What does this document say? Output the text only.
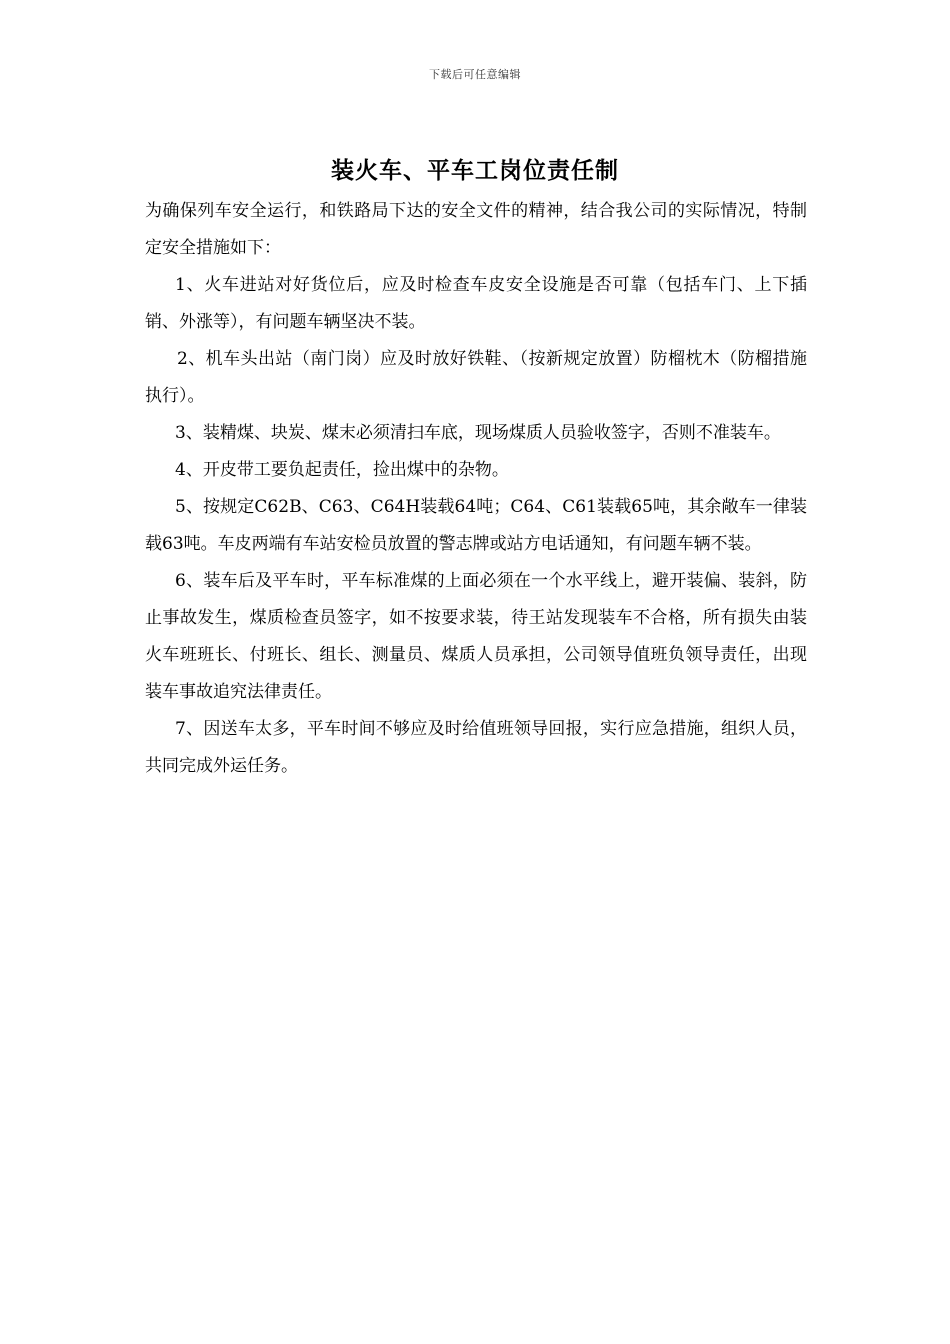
下载后可任意编辑
装火车、平车工岗位责任制

为确保列车安全运行，和铁路局下达的安全文件的精神，结合我公司的实际情况，特制定安全措施如下：

1、火车进站对好货位后，应及时检查车皮安全设施是否可靠（包括车门、上下插销、外涨等），有问题车辆坚决不装。

2、机车头出站（南门岗）应及时放好铁鞋、（按新规定放置）防榴枕木（防榴措施执行）。

3、装精煤、块炭、煤末必须清扫车底，现场煤质人员验收签字，否则不准装车。

4、开皮带工要负起责任，捡出煤中的杂物。

5、按规定C62B、C63、C64H装载64吨；C64、C61装载65吨，其余敞车一律装载63吨。车皮两端有车站安检员放置的警志牌或站方电话通知，有问题车辆不装。

6、装车后及平车时，平车标准煤的上面必须在一个水平线上，避开装偏、装斜，防止事故发生，煤质检查员签字，如不按要求装，待王站发现装车不合格，所有损失由装火车班班长、付班长、组长、测量员、煤质人员承担，公司领导值班负领导责任，出现装车事故追究法律责任。

7、因送车太多，平车时间不够应及时给值班领导回报，实行应急措施，组织人员，共同完成外运任务。
